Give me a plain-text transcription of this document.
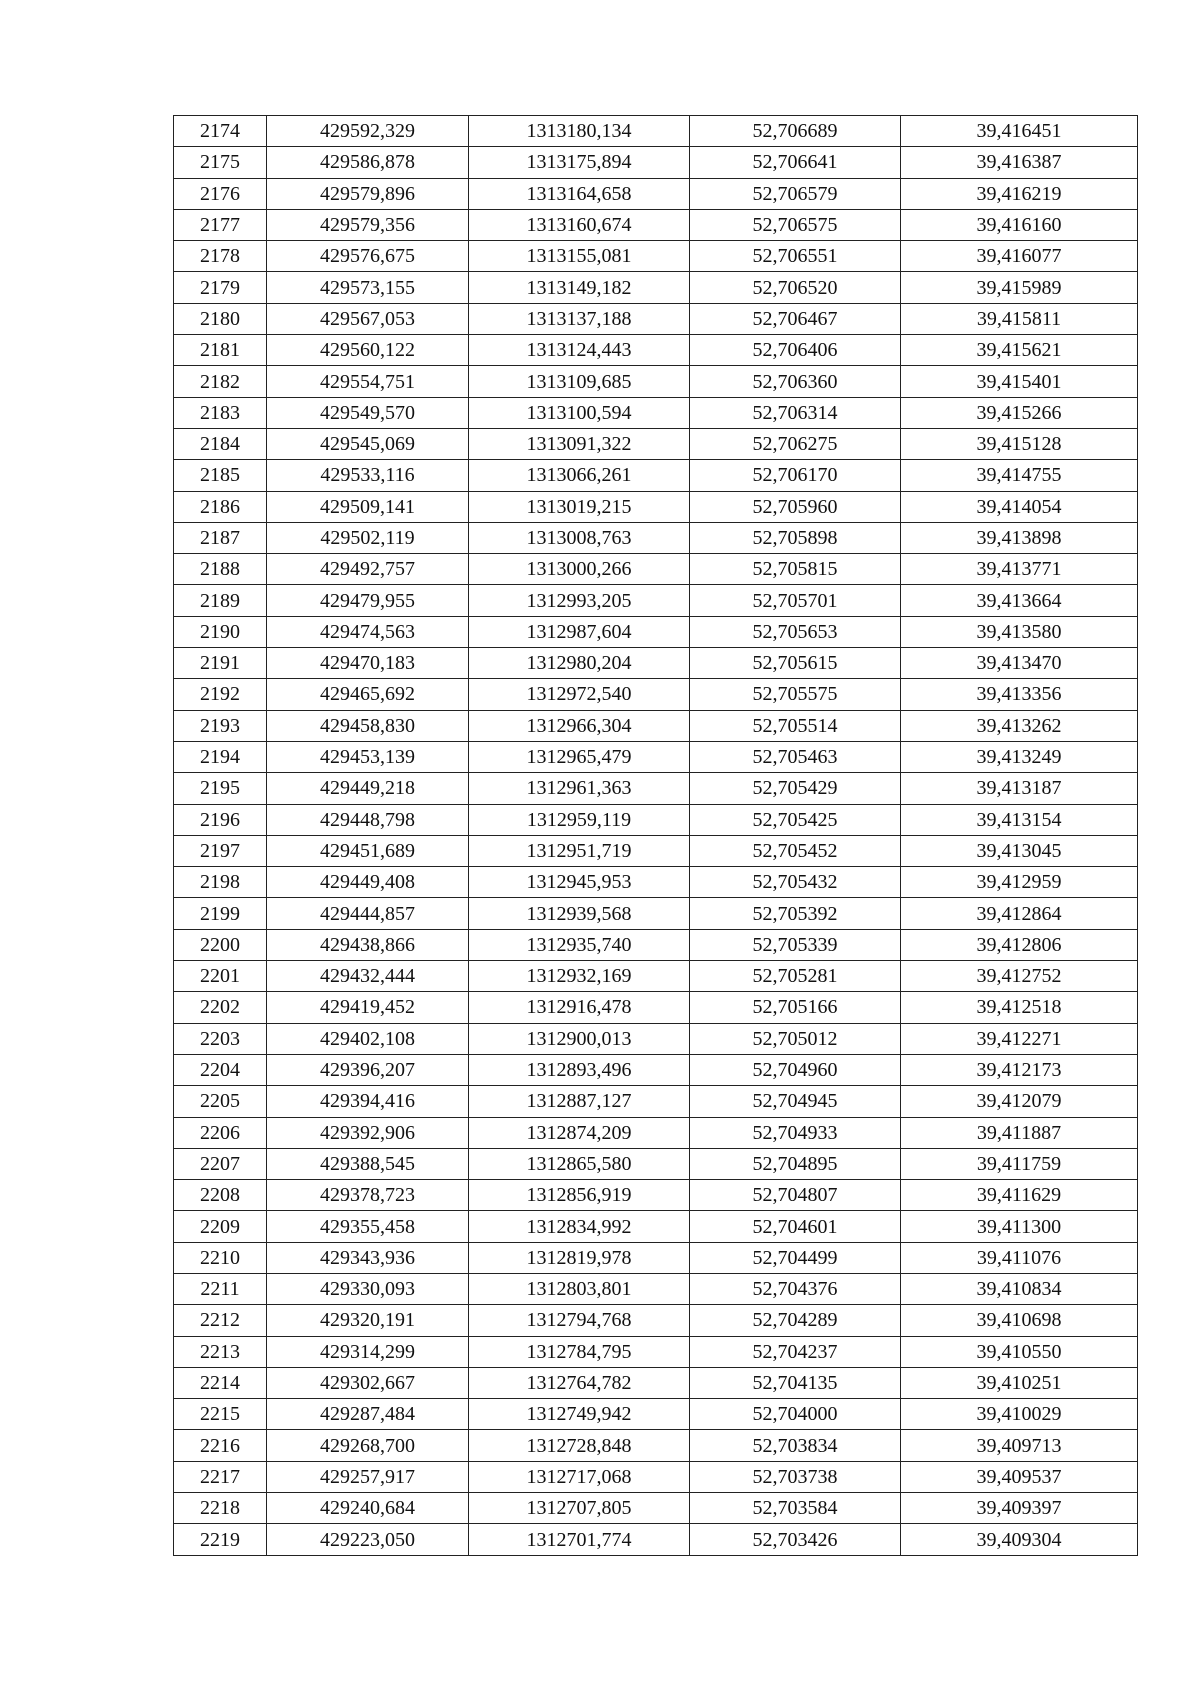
2174	429592,329	1313180,134	52,706689	39,416451
2175	429586,878	1313175,894	52,706641	39,416387
2176	429579,896	1313164,658	52,706579	39,416219
2177	429579,356	1313160,674	52,706575	39,416160
2178	429576,675	1313155,081	52,706551	39,416077
2179	429573,155	1313149,182	52,706520	39,415989
2180	429567,053	1313137,188	52,706467	39,415811
2181	429560,122	1313124,443	52,706406	39,415621
2182	429554,751	1313109,685	52,706360	39,415401
2183	429549,570	1313100,594	52,706314	39,415266
2184	429545,069	1313091,322	52,706275	39,415128
2185	429533,116	1313066,261	52,706170	39,414755
2186	429509,141	1313019,215	52,705960	39,414054
2187	429502,119	1313008,763	52,705898	39,413898
2188	429492,757	1313000,266	52,705815	39,413771
2189	429479,955	1312993,205	52,705701	39,413664
2190	429474,563	1312987,604	52,705653	39,413580
2191	429470,183	1312980,204	52,705615	39,413470
2192	429465,692	1312972,540	52,705575	39,413356
2193	429458,830	1312966,304	52,705514	39,413262
2194	429453,139	1312965,479	52,705463	39,413249
2195	429449,218	1312961,363	52,705429	39,413187
2196	429448,798	1312959,119	52,705425	39,413154
2197	429451,689	1312951,719	52,705452	39,413045
2198	429449,408	1312945,953	52,705432	39,412959
2199	429444,857	1312939,568	52,705392	39,412864
2200	429438,866	1312935,740	52,705339	39,412806
2201	429432,444	1312932,169	52,705281	39,412752
2202	429419,452	1312916,478	52,705166	39,412518
2203	429402,108	1312900,013	52,705012	39,412271
2204	429396,207	1312893,496	52,704960	39,412173
2205	429394,416	1312887,127	52,704945	39,412079
2206	429392,906	1312874,209	52,704933	39,411887
2207	429388,545	1312865,580	52,704895	39,411759
2208	429378,723	1312856,919	52,704807	39,411629
2209	429355,458	1312834,992	52,704601	39,411300
2210	429343,936	1312819,978	52,704499	39,411076
2211	429330,093	1312803,801	52,704376	39,410834
2212	429320,191	1312794,768	52,704289	39,410698
2213	429314,299	1312784,795	52,704237	39,410550
2214	429302,667	1312764,782	52,704135	39,410251
2215	429287,484	1312749,942	52,704000	39,410029
2216	429268,700	1312728,848	52,703834	39,409713
2217	429257,917	1312717,068	52,703738	39,409537
2218	429240,684	1312707,805	52,703584	39,409397
2219	429223,050	1312701,774	52,703426	39,409304
